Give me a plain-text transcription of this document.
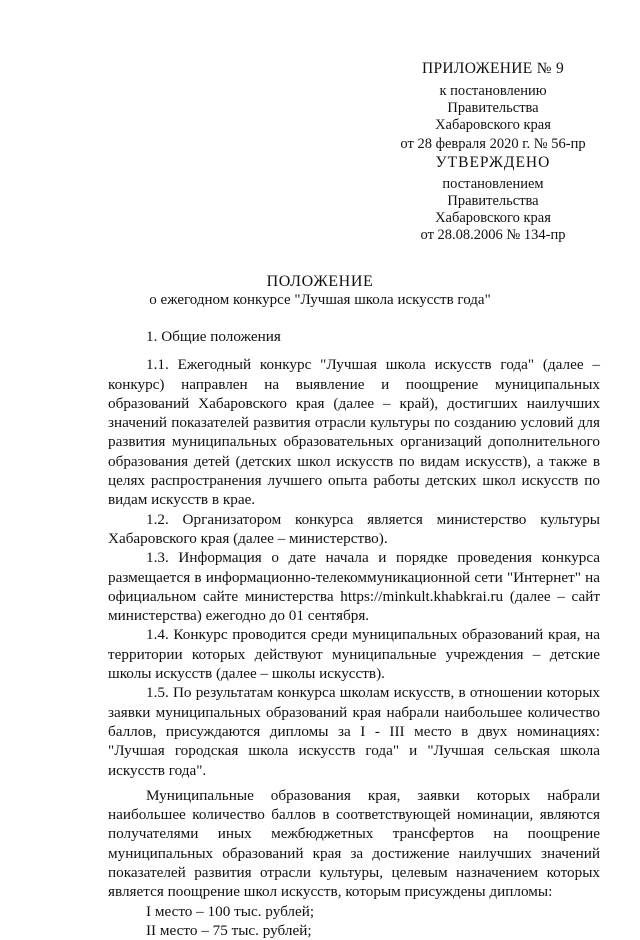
ПРИЛОЖЕНИЕ № 9
к постановлению
Правительства
Хабаровского края
от 28 февраля 2020 г. № 56-пр
УТВЕРЖДЕНО
постановлением
Правительства
Хабаровского края
от 28.08.2006 № 134-пр
ПОЛОЖЕНИЕ
о ежегодном конкурсе "Лучшая школа искусств года"

1. Общие положения

1.1. Ежегодный конкурс "Лучшая школа искусств года" (далее – конкурс) направлен на выявление и поощрение муниципальных образований Хабаровского края (далее – край), достигших наилучших значений показателей развития отрасли культуры по созданию условий для развития муниципальных образовательных организаций дополнительного образования детей (детских школ искусств по видам искусств), а также в целях распространения лучшего опыта работы детских школ искусств по видам искусств в крае.

1.2. Организатором конкурса является министерство культуры Хабаровского края (далее – министерство).

1.3. Информация о дате начала и порядке проведения конкурса размещается в информационно-телекоммуникационной сети "Интернет" на официальном сайте министерства https://minkult.khabkrai.ru (далее – сайт министерства) ежегодно до 01 сентября.

1.4. Конкурс проводится среди муниципальных образований края, на территории которых действуют муниципальные учреждения – детские школы искусств (далее – школы искусств).

1.5. По результатам конкурса школам искусств, в отношении которых заявки муниципальных образований края набрали наибольшее количество баллов, присуждаются дипломы за I - III место в двух номинациях: "Лучшая городская школа искусств года" и "Лучшая сельская школа искусств года".

Муниципальные образования края, заявки которых набрали наибольшее количество баллов в соответствующей номинации, являются получателями иных межбюджетных трансфертов на поощрение муниципальных образований края за достижение наилучших значений показателей развития отрасли культуры, целевым назначением которых является поощрение школ искусств, которым присуждены дипломы:

I место – 100 тыс. рублей;

II место – 75 тыс. рублей;
